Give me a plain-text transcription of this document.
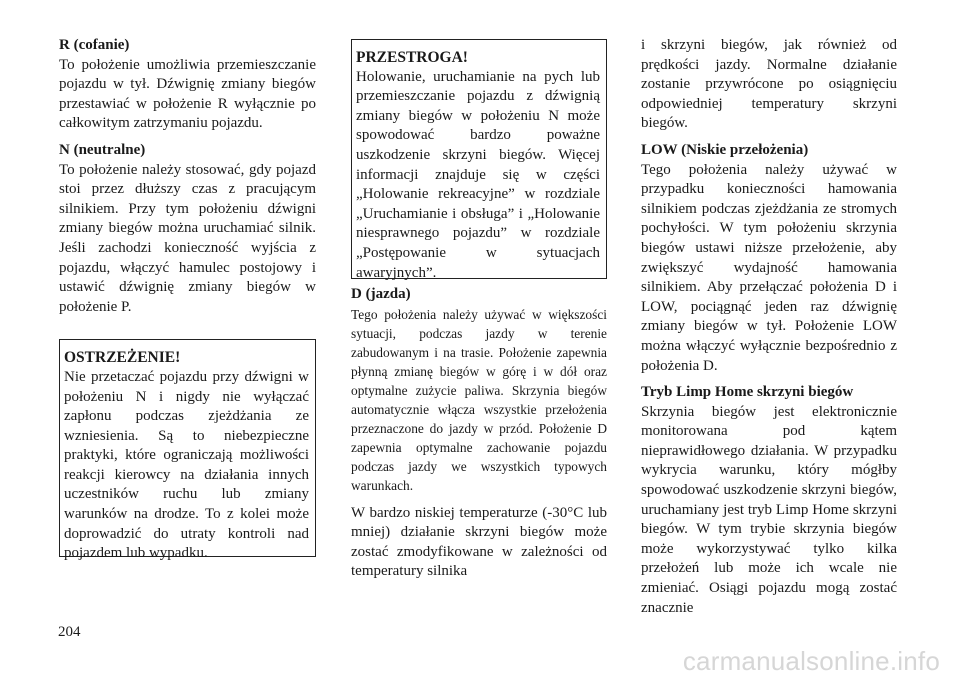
R (cofanie)

To położenie umożliwia przemieszczanie pojazdu w tył. Dźwignię zmiany biegów przestawiać w położenie R wyłącznie po całkowitym zatrzymaniu pojazdu.

N (neutralne)

To położenie należy stosować, gdy pojazd stoi przez dłuższy czas z pracującym silnikiem. Przy tym położeniu dźwigni zmiany biegów można uruchamiać silnik. Jeśli zachodzi konieczność wyjścia z pojazdu, włączyć hamulec postojowy i ustawić dźwignię zmiany biegów w położenie P.

OSTRZEŻENIE!

Nie przetaczać pojazdu przy dźwigni w położeniu N i nigdy nie wyłączać zapłonu podczas zjeżdżania ze wzniesienia. Są to niebezpieczne praktyki, które ograniczają możliwości reakcji kierowcy na działania innych uczestników ruchu lub zmiany warunków na drodze. To z kolei może doprowadzić do utraty kontroli nad pojazdem lub wypadku.

PRZESTROGA!

Holowanie, uruchamianie na pych lub przemieszczanie pojazdu z dźwignią zmiany biegów w położeniu N może spowodować bardzo poważne uszkodzenie skrzyni biegów. Więcej informacji znajduje się w części „Holowanie rekreacyjne” w rozdziale „Uruchamianie i obsługa” i „Holowanie niesprawnego pojazdu” w rozdziale „Postępowanie w sytuacjach awaryjnych”.

D (jazda)

Tego położenia należy używać w większości sytuacji, podczas jazdy w terenie zabudowanym i na trasie. Położenie zapewnia płynną zmianę biegów w górę i w dół oraz optymalne zużycie paliwa. Skrzynia biegów automatycznie włącza wszystkie przełożenia przeznaczone do jazdy w przód. Położenie D zapewnia optymalne zachowanie pojazdu podczas jazdy we wszystkich typowych warunkach.

W bardzo niskiej temperaturze (-30°C lub mniej) działanie skrzyni biegów może zostać zmodyfikowane w zależności od temperatury silnika

i skrzyni biegów, jak również od prędkości jazdy. Normalne działanie zostanie przywrócone po osiągnięciu odpowiedniej temperatury skrzyni biegów.

LOW (Niskie przełożenia)

Tego położenia należy używać w przypadku konieczności hamowania silnikiem podczas zjeżdżania ze stromych pochyłości. W tym położeniu skrzynia biegów ustawi niższe przełożenie, aby zwiększyć wydajność hamowania silnikiem. Aby przełączać położenia D i LOW, pociągnąć jeden raz dźwignię zmiany biegów w tył. Położenie LOW można włączyć wyłącznie bezpośrednio z położenia D.

Tryb Limp Home skrzyni biegów

Skrzynia biegów jest elektronicznie monitorowana pod kątem nieprawidłowego działania. W przypadku wykrycia warunku, który mógłby spowodować uszkodzenie skrzyni biegów, uruchamiany jest tryb Limp Home skrzyni biegów. W tym trybie skrzynia biegów może wykorzystywać tylko kilka przełożeń lub może ich wcale nie zmieniać. Osiągi pojazdu mogą zostać znacznie

204
carmanualsonline.info
